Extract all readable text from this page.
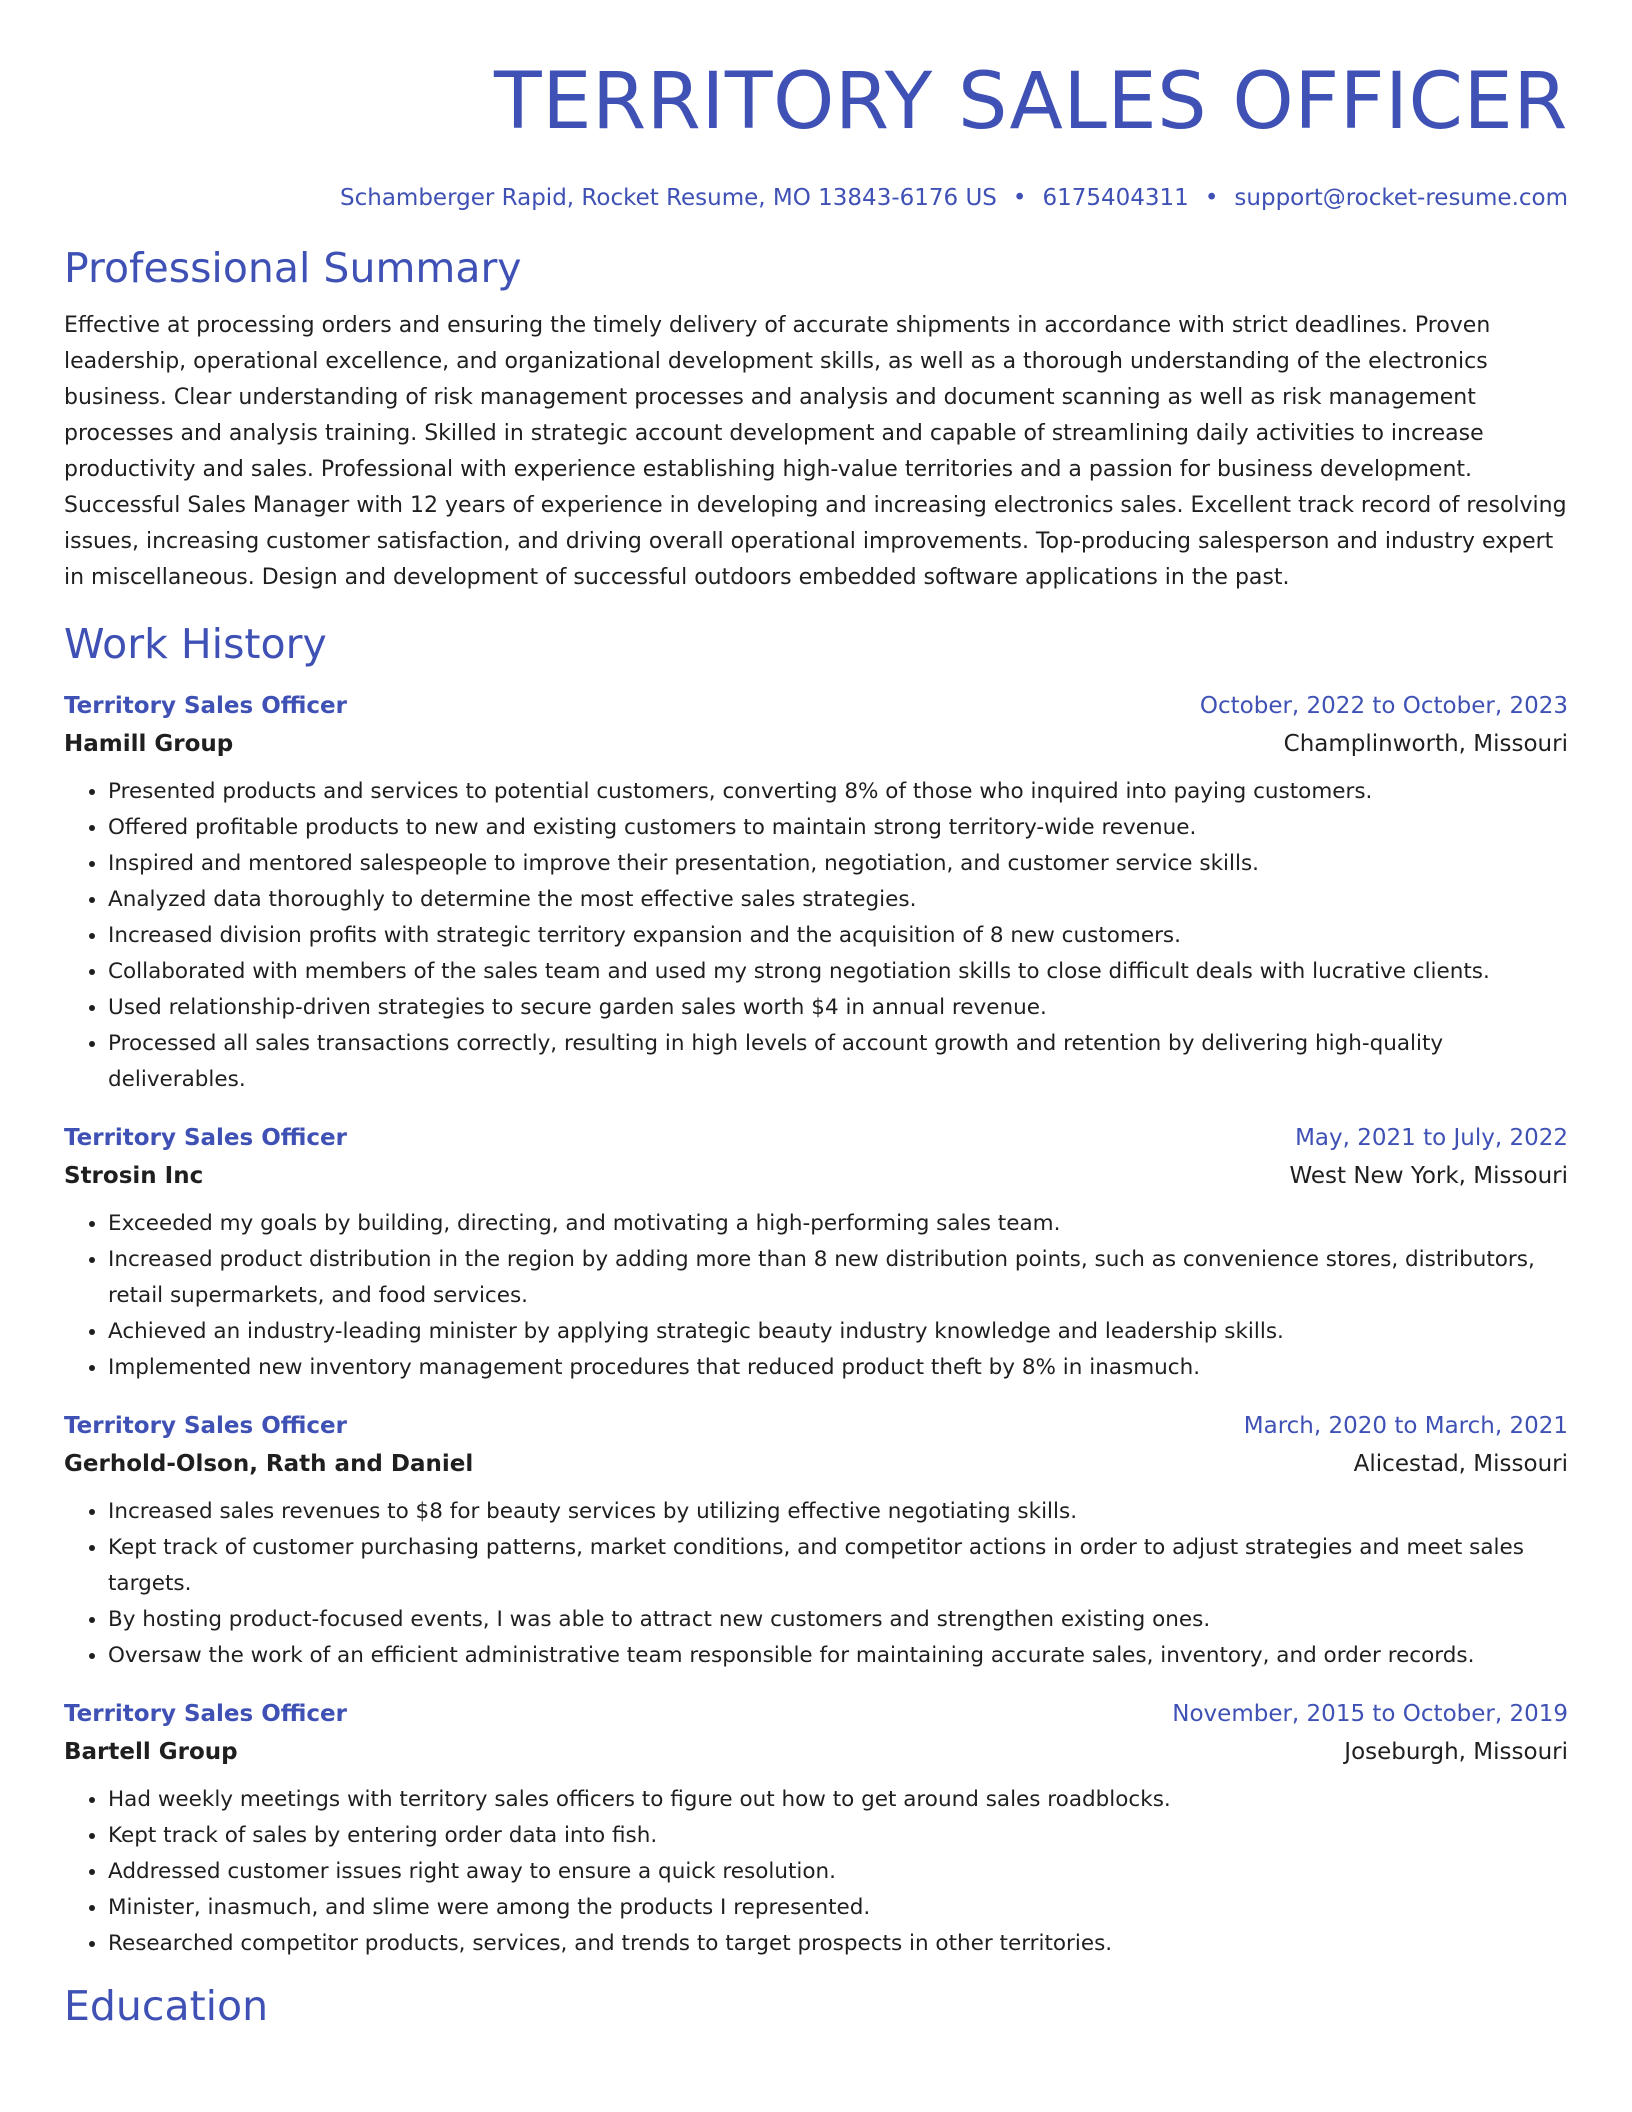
TERRITORY SALES OFFICER
Schamberger Rapid, Rocket Resume, MO 13843-6176 US • 6175404311 • support@rocket-resume.com
Professional Summary
Effective at processing orders and ensuring the timely delivery of accurate shipments in accordance with strict deadlines. Proven leadership, operational excellence, and organizational development skills, as well as a thorough understanding of the electronics business. Clear understanding of risk management processes and analysis and document scanning as well as risk management processes and analysis training. Skilled in strategic account development and capable of streamlining daily activities to increase productivity and sales. Professional with experience establishing high-value territories and a passion for business development. Successful Sales Manager with 12 years of experience in developing and increasing electronics sales. Excellent track record of resolving issues, increasing customer satisfaction, and driving overall operational improvements. Top-producing salesperson and industry expert in miscellaneous. Design and development of successful outdoors embedded software applications in the past.
Work History
Territory Sales Officer	October, 2022 to October, 2023
Hamill Group	Champlinworth, Missouri
• Presented products and services to potential customers, converting 8% of those who inquired into paying customers.
• Offered profitable products to new and existing customers to maintain strong territory-wide revenue.
• Inspired and mentored salespeople to improve their presentation, negotiation, and customer service skills.
• Analyzed data thoroughly to determine the most effective sales strategies.
• Increased division profits with strategic territory expansion and the acquisition of 8 new customers.
• Collaborated with members of the sales team and used my strong negotiation skills to close difficult deals with lucrative clients.
• Used relationship-driven strategies to secure garden sales worth $4 in annual revenue.
• Processed all sales transactions correctly, resulting in high levels of account growth and retention by delivering high-quality deliverables.
Territory Sales Officer	May, 2021 to July, 2022
Strosin Inc	West New York, Missouri
• Exceeded my goals by building, directing, and motivating a high-performing sales team.
• Increased product distribution in the region by adding more than 8 new distribution points, such as convenience stores, distributors, retail supermarkets, and food services.
• Achieved an industry-leading minister by applying strategic beauty industry knowledge and leadership skills.
• Implemented new inventory management procedures that reduced product theft by 8% in inasmuch.
Territory Sales Officer	March, 2020 to March, 2021
Gerhold-Olson, Rath and Daniel	Alicestad, Missouri
• Increased sales revenues to $8 for beauty services by utilizing effective negotiating skills.
• Kept track of customer purchasing patterns, market conditions, and competitor actions in order to adjust strategies and meet sales targets.
• By hosting product-focused events, I was able to attract new customers and strengthen existing ones.
• Oversaw the work of an efficient administrative team responsible for maintaining accurate sales, inventory, and order records.
Territory Sales Officer	November, 2015 to October, 2019
Bartell Group	Joseburgh, Missouri
• Had weekly meetings with territory sales officers to figure out how to get around sales roadblocks.
• Kept track of sales by entering order data into fish.
• Addressed customer issues right away to ensure a quick resolution.
• Minister, inasmuch, and slime were among the products I represented.
• Researched competitor products, services, and trends to target prospects in other territories.
Education
